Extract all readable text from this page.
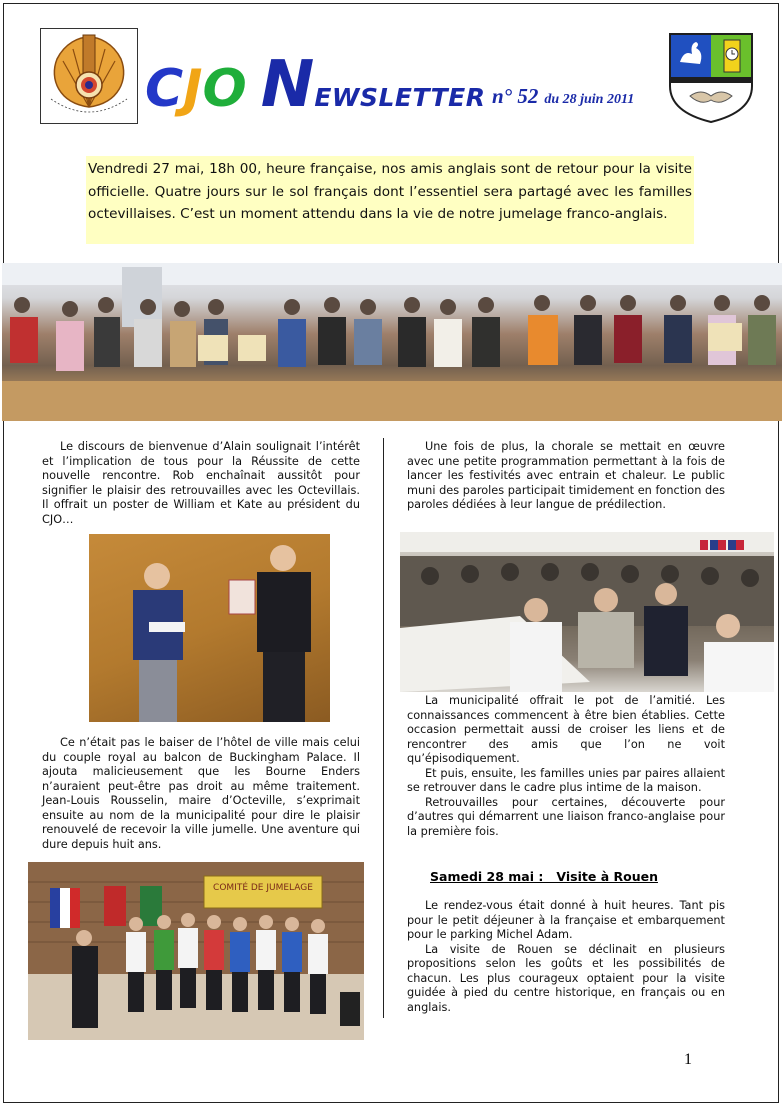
CJONEWSLETTER n° 52 du 28 juin 2011
Vendredi 27 mai, 18h 00, heure française, nos amis anglais sont de retour pour la visite officielle. Quatre jours sur le sol français dont l’essentiel sera partagé avec les familles octevillaises. C’est un moment attendu dans la vie de notre jumelage franco-anglais.

Le discours de bienvenue d’Alain soulignait l’intérêt et l’implication de tous pour la Réussite de cette nouvelle rencontre. Rob enchaînait aussitôt pour signifier le plaisir des retrouvailles avec les Octevillais. Il offrait un poster de William et Kate au président du CJO…

Ce n’était pas le baiser de l’hôtel de ville mais celui du couple royal au balcon de Buckingham Palace. Il ajouta malicieusement que les Bourne Enders n’auraient peut-être pas droit au même traitement. Jean-Louis Rousselin, maire d’Octeville, s’exprimait ensuite au nom de la municipalité pour dire le plaisir renouvelé de recevoir la ville jumelle. Une aventure qui dure depuis huit ans.

COMITÉ DE JUMELAGE

Une fois de plus, la chorale se mettait en œuvre avec une petite programmation permettant à la fois de lancer les festivités avec entrain et chaleur. Le public muni des paroles participait timidement en fonction des paroles dédiées à leur langue de prédilection.

La municipalité offrait le pot de l’amitié. Les connaissances commencent à être bien établies. Cette occasion permettait aussi de croiser les liens et de rencontrer des amis que l’on ne voit qu’épisodiquement.

Et puis, ensuite, les familles unies par paires allaient se retrouver dans le cadre plus intime de la maison.

Retrouvailles pour certaines, découverte pour d’autres qui démarrent une liaison franco-anglaise pour la première fois.

Samedi 28 mai :   Visite à Rouen

Le rendez-vous était donné à huit heures. Tant pis pour le petit déjeuner à la française et embarquement pour le parking Michel Adam.

La visite de Rouen se déclinait en plusieurs propositions selon les goûts et les possibilités de chacun. Les plus courageux optaient pour la visite guidée à pied du centre historique, en français ou en anglais.

1
